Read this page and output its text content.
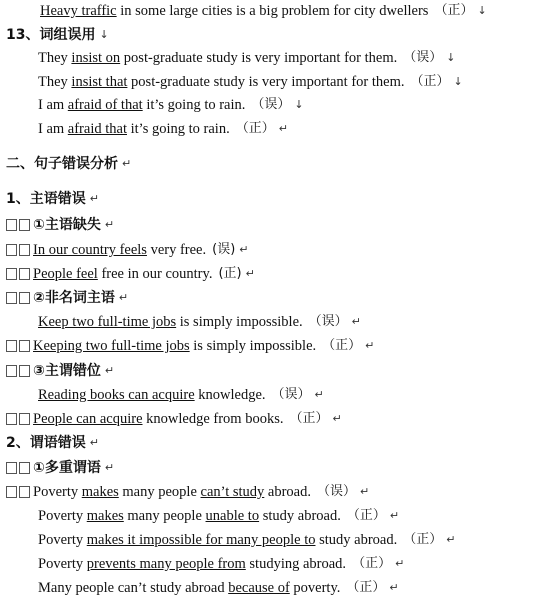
Heavy traffic in some large cities is a big problem for city dwellers （正） ↓
13、词组误用 ↓
They insist on post-graduate study is very important for them. （误） ↓
They insist that post-graduate study is very important for them. （正） ↓
I am afraid of that it’s going to rain. （误） ↓
I am afraid that it’s going to rain. （正） ↵
二、句子错误分析 ↵
1、主语错误 ↵
①主语缺失 ↵
In our country feels very free. (误) ↵
People feel free in our country. (正) ↵
②非名词主语 ↵
Keep two full-time jobs is simply impossible. （误） ↵
Keeping two full-time jobs is simply impossible. （正） ↵
③主谓错位 ↵
Reading books can acquire knowledge. （误） ↵
People can acquire knowledge from books. （正） ↵
2、谓语错误 ↵
①多重谓语 ↵
Poverty makes many people can’t study abroad. （误） ↵
Poverty makes many people unable to study abroad. （正） ↵
Poverty makes it impossible for many people to study abroad. （正） ↵
Poverty prevents many people from studying abroad. （正） ↵
Many people can’t study abroad because of poverty. （正） ↵
